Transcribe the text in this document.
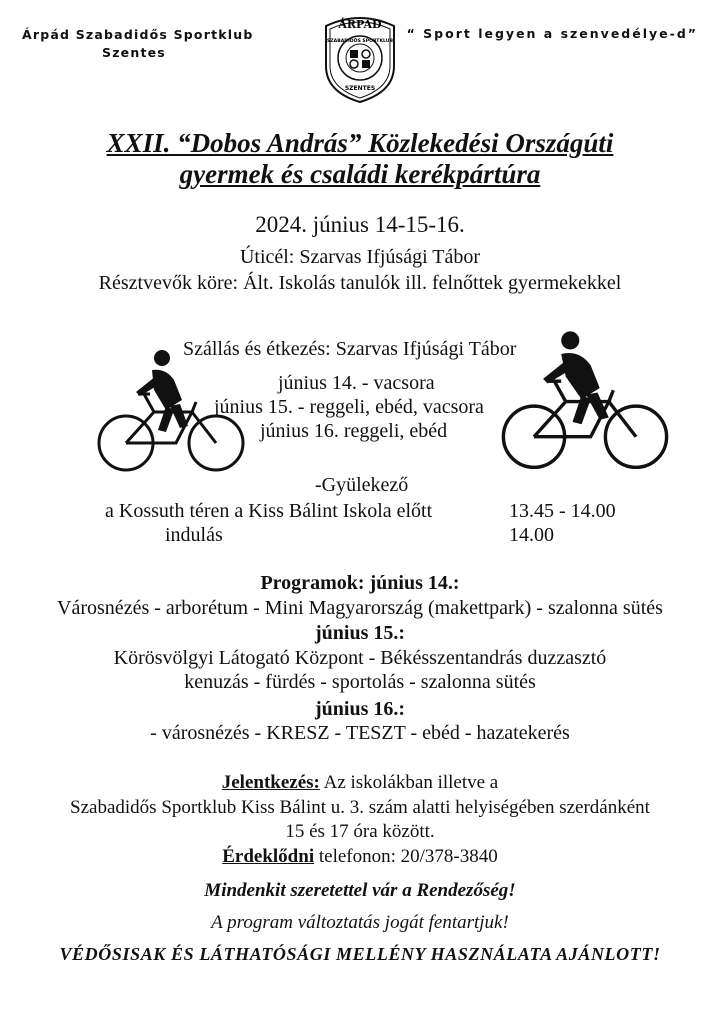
Árpád Szabadidős Sportklub
Szentes
“ Sport legyen a szenvedélye-d”
ÁRPÁD
SZABADIDŐS SPORTKLUB
SZENTES
XXII. “Dobos András” Közlekedési Országúti
gyermek és családi kerékpártúra
2024. június 14-15-16.
Úticél: Szarvas Ifjúsági Tábor
Résztvevők köre: Ált. Iskolás tanulók ill. felnőttek gyermekekkel
Szállás és étkezés: Szarvas Ifjúsági Tábor
június 14. - vacsora
június 15. - reggeli, ebéd, vacsora
június 16. reggeli, ebéd
-Gyülekező
a Kossuth téren a Kiss Bálint Iskola előtt	13.45 - 14.00
indulás	14.00
Programok: június 14.:
Városnézés - arborétum - Mini Magyarország (makettpark) - szalonna sütés
június 15.:
Körösvölgyi Látogató Központ - Békésszentandrás duzzasztó
kenuzás - fürdés - sportolás - szalonna sütés
június 16.:
- városnézés - KRESZ - TESZT - ebéd - hazatekerés
Jelentkezés: Az iskolákban illetve a
Szabadidős Sportklub Kiss Bálint u. 3. szám alatti helyiségében szerdánként
15 és 17 óra között.
Érdeklődni telefonon: 20/378-3840
Mindenkit szeretettel vár a Rendezőség!
A program változtatás jogát fentartjuk!
VÉDŐSISAK ÉS LÁTHATÓSÁGI MELLÉNY HASZNÁLATA AJÁNLOTT!
